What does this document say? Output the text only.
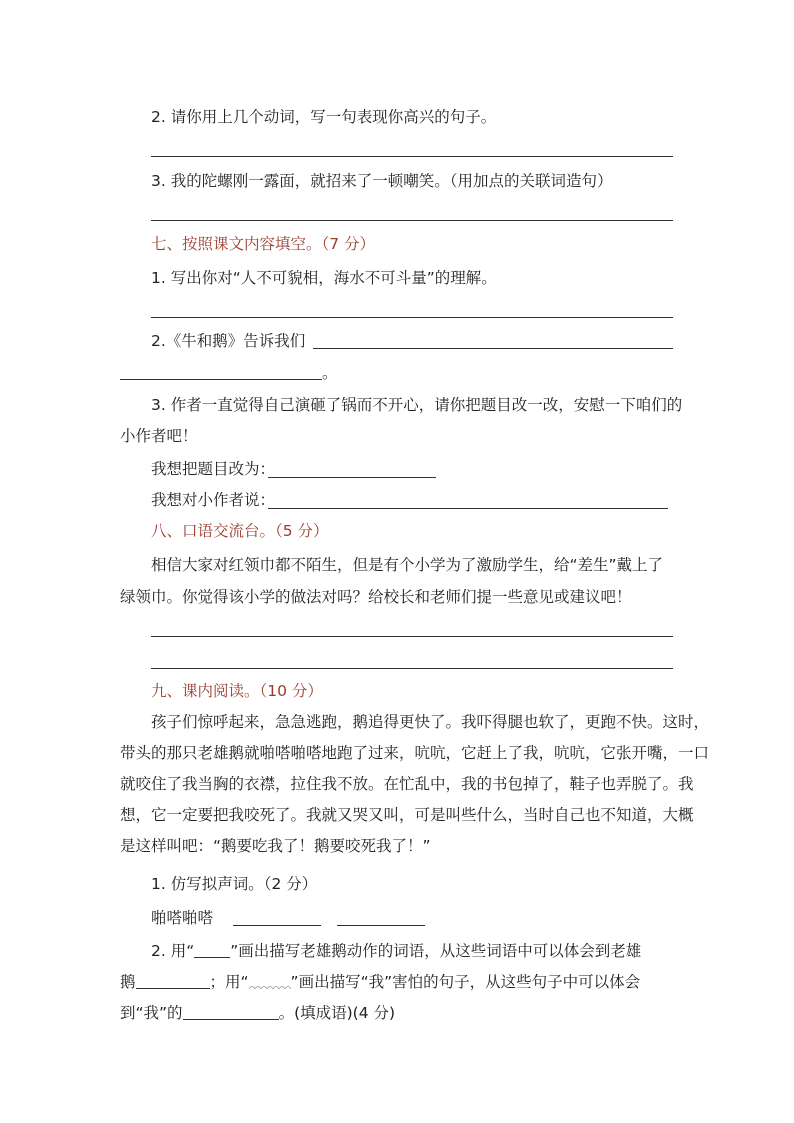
2. 请你用上几个动词，写一句表现你高兴的句子。
3. 我的陀螺刚一露面，就招来了一顿嘲笑。（用加点的关联词造句）
七、按照课文内容填空。（7 分）
1. 写出你对“人不可貌相，海水不可斗量”的理解。
2.《牛和鹅》告诉我们
。
3. 作者一直觉得自己演砸了锅而不开心，请你把题目改一改，安慰一下咱们的
小作者吧！
我想把题目改为：
我想对小作者说：
八、口语交流台。（5 分）
相信大家对红领巾都不陌生，但是有个小学为了激励学生，给“差生”戴上了
绿领巾。你觉得该小学的做法对吗？给校长和老师们提一些意见或建议吧！
九、课内阅读。（10 分）
孩子们惊呼起来，急急逃跑，鹅追得更快了。我吓得腿也软了，更跑不快。这时，
带头的那只老雄鹅就啪嗒啪嗒地跑了过来，吭吭，它赶上了我，吭吭，它张开嘴，一口
就咬住了我当胸的衣襟，拉住我不放。在忙乱中，我的书包掉了，鞋子也弄脱了。我
想，它一定要把我咬死了。我就又哭又叫，可是叫些什么，当时自己也不知道，大概
是这样叫吧：“鹅要吃我了！鹅要咬死我了！”
1. 仿写拟声词。（2 分）
啪嗒啪嗒
2. 用“ ”画出描写老雄鹅动作的词语，从这些词语中可以体会到老雄
鹅	；用“	”画出描写“我”害怕的句子，从这些句子中可以体会
到“我”的	。(填成语)(4 分)
